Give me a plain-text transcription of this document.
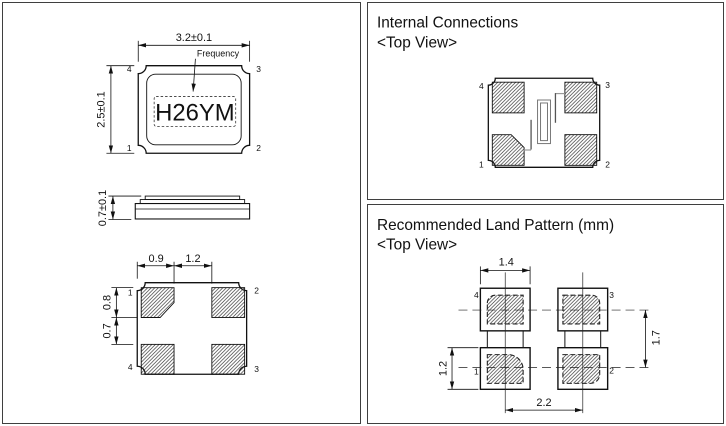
H26YM
Frequency
3.2±0.1
2.5±0.1
4	3
1	2
0.7±0.1
0.9 1.2
0.8
0.7
1	2
4	3
Internal Connections
<Top View>
4	3
1	2
Recommended Land Pattern (mm)
<Top View>
1.4
1.2
1.7
2.2
4	3
1	2
